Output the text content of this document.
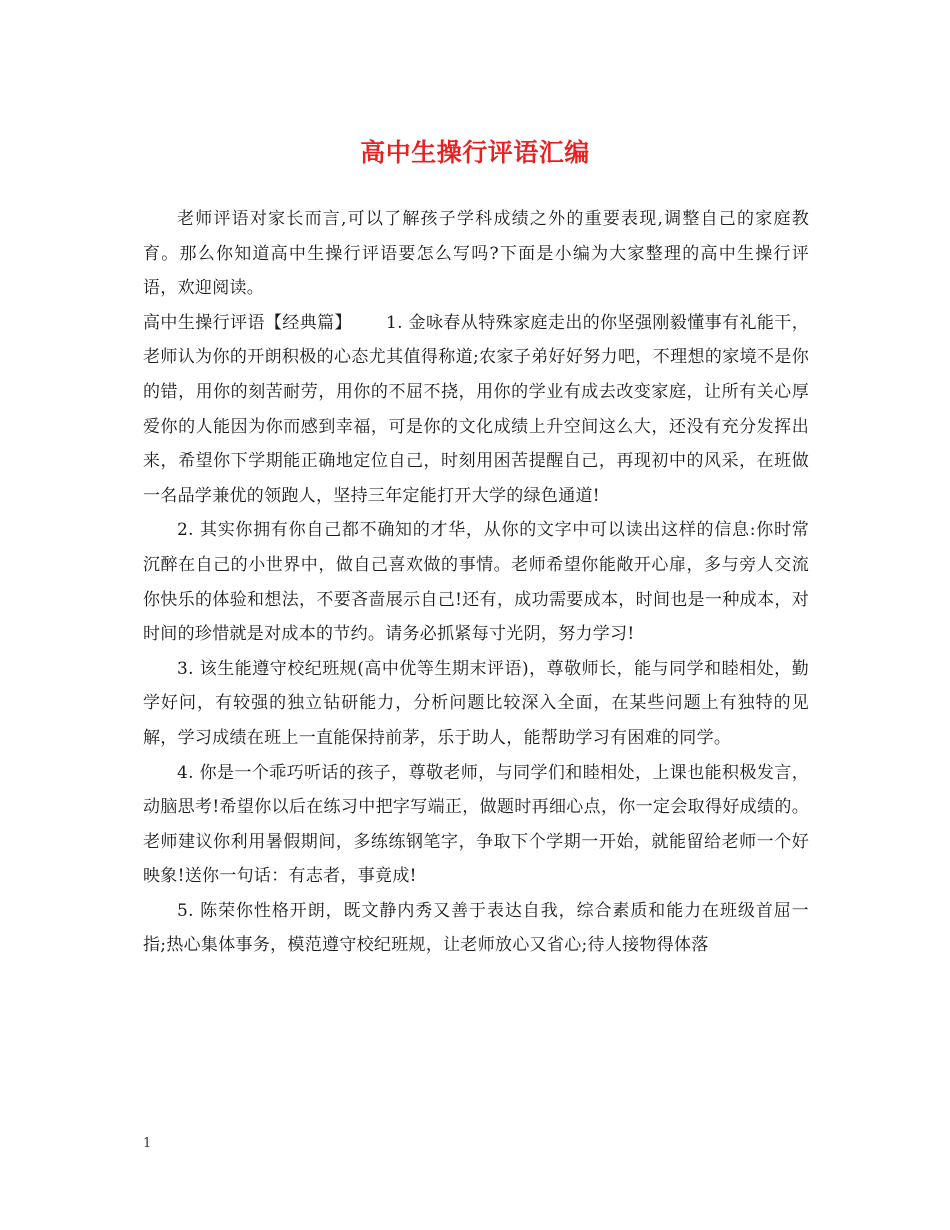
高中生操行评语汇编

老师评语对家长而言,可以了解孩子学科成绩之外的重要表现,调整自己的家庭教育。那么你知道高中生操行评语要怎么写吗?下面是小编为大家整理的高中生操行评语，欢迎阅读。

高中生操行评语【经典篇】 1. 金咏春从特殊家庭走出的你坚强刚毅懂事有礼能干，老师认为你的开朗积极的心态尤其值得称道;农家子弟好好努力吧，不理想的家境不是你的错，用你的刻苦耐劳，用你的不屈不挠，用你的学业有成去改变家庭，让所有关心厚爱你的人能因为你而感到幸福，可是你的文化成绩上升空间这么大，还没有充分发挥出来，希望你下学期能正确地定位自己，时刻用困苦提醒自己，再现初中的风采，在班做一名品学兼优的领跑人，坚持三年定能打开大学的绿色通道!

2. 其实你拥有你自己都不确知的才华，从你的文字中可以读出这样的信息:你时常沉醉在自己的小世界中，做自己喜欢做的事情。老师希望你能敞开心扉，多与旁人交流你快乐的体验和想法，不要吝啬展示自己!还有，成功需要成本，时间也是一种成本，对时间的珍惜就是对成本的节约。请务必抓紧每寸光阴，努力学习!

3. 该生能遵守校纪班规(高中优等生期末评语)，尊敬师长，能与同学和睦相处，勤学好问，有较强的独立钻研能力，分析问题比较深入全面，在某些问题上有独特的见解，学习成绩在班上一直能保持前茅，乐于助人，能帮助学习有困难的同学。

4. 你是一个乖巧听话的孩子，尊敬老师，与同学们和睦相处，上课也能积极发言，动脑思考!希望你以后在练习中把字写端正，做题时再细心点，你一定会取得好成绩的。老师建议你利用暑假期间，多练练钢笔字，争取下个学期一开始，就能留给老师一个好映象!送你一句话：有志者，事竟成!

5. 陈荣你性格开朗，既文静内秀又善于表达自我，综合素质和能力在班级首屈一指;热心集体事务，模范遵守校纪班规，让老师放心又省心;待人接物得体落

1
